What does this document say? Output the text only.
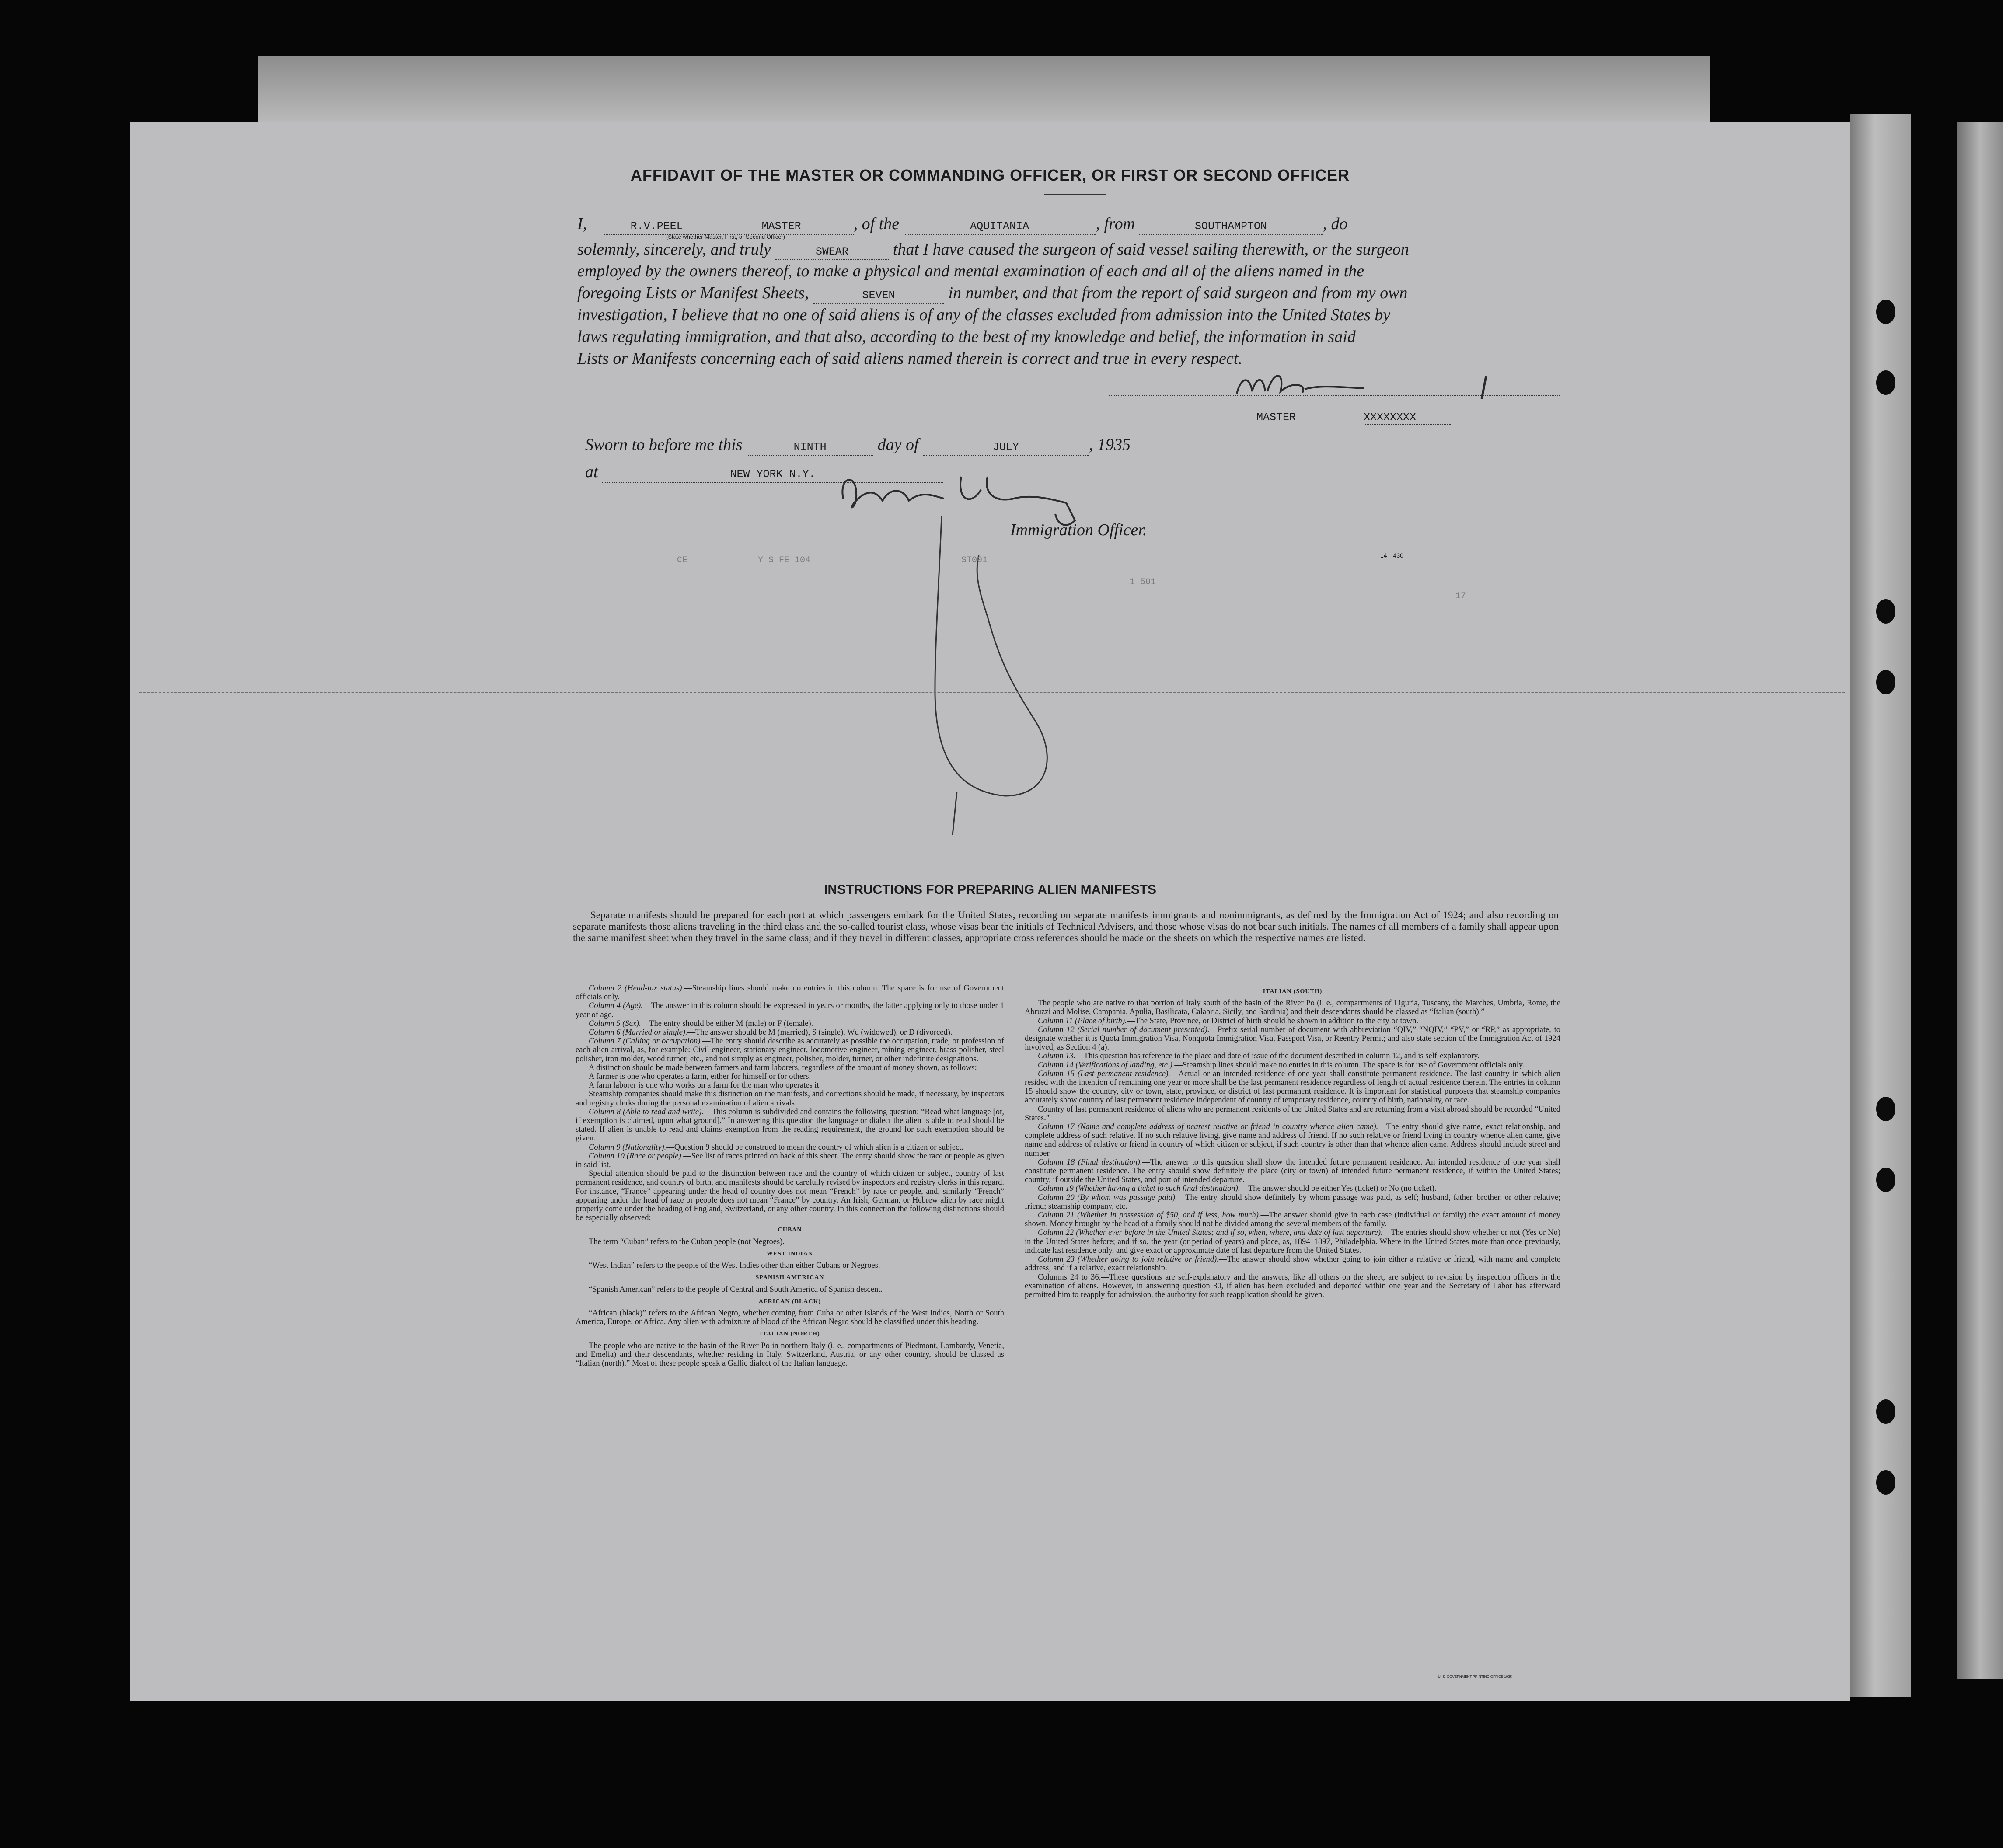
AFFIDAVIT OF THE MASTER OR COMMANDING OFFICER, OR FIRST OR SECOND OFFICER
I,	R.V.PEEL	MASTER	, of the	AQUITANIA	, from	SOUTHAMPTON	, do
(State whether Master, First, or Second Officer)
solemnly, sincerely, and truly	SWEAR	that I have caused the surgeon of said vessel sailing therewith, or the surgeon
employed by the owners thereof, to make a physical and mental examination of each and all of the aliens named in the
foregoing Lists or Manifest Sheets,	SEVEN	in number, and that from the report of said surgeon and from my own
investigation, I believe that no one of said aliens is of any of the classes excluded from admission into the United States by
laws regulating immigration, and that also, according to the best of my knowledge and belief, the information in said
Lists or Manifests concerning each of said aliens named therein is correct and true in every respect.
MASTER	XXXXXXXX
Sworn to before me this	NINTH	day of	JULY	, 1935
at	NEW YORK N.Y.
Immigration Officer.
14—430
CE	Y S FE 104	ST001
1 501
17
INSTRUCTIONS FOR PREPARING ALIEN MANIFESTS
Separate manifests should be prepared for each port at which passengers embark for the United States, recording on separate manifests immigrants and nonimmigrants, as defined by the Immigration Act of 1924; and also recording on separate manifests those aliens traveling in the third class and the so-called tourist class, whose visas bear the initials of Technical Advisers, and those whose visas do not bear such initials. The names of all members of a family shall appear upon the same manifest sheet when they travel in the same class; and if they travel in different classes, appropriate cross references should be made on the sheets on which the respective names are listed.

Column 2 (Head-tax status).—Steamship lines should make no entries in this column. The space is for use of Government officials only.

Column 4 (Age).—The answer in this column should be expressed in years or months, the latter applying only to those under 1 year of age.

Column 5 (Sex).—The entry should be either M (male) or F (female).

Column 6 (Married or single).—The answer should be M (married), S (single), Wd (widowed), or D (divorced).

Column 7 (Calling or occupation).—The entry should describe as accurately as possible the occupation, trade, or profession of each alien arrival, as, for example: Civil engineer, stationary engineer, locomotive engineer, mining engineer, brass polisher, steel polisher, iron molder, wood turner, etc., and not simply as engineer, polisher, molder, turner, or other indefinite designations.

A distinction should be made between farmers and farm laborers, regardless of the amount of money shown, as follows:

A farmer is one who operates a farm, either for himself or for others.

A farm laborer is one who works on a farm for the man who operates it.

Steamship companies should make this distinction on the manifests, and corrections should be made, if necessary, by inspectors and registry clerks during the personal examination of alien arrivals.

Column 8 (Able to read and write).—This column is subdivided and contains the following question: “Read what language [or, if exemption is claimed, upon what ground].” In answering this question the language or dialect the alien is able to read should be stated. If alien is unable to read and claims exemption from the reading requirement, the ground for such exemption should be given.

Column 9 (Nationality).—Question 9 should be construed to mean the country of which alien is a citizen or subject.

Column 10 (Race or people).—See list of races printed on back of this sheet. The entry should show the race or people as given in said list.

Special attention should be paid to the distinction between race and the country of which citizen or subject, country of last permanent residence, and country of birth, and manifests should be carefully revised by inspectors and registry clerks in this regard. For instance, “France” appearing under the head of country does not mean “French” by race or people, and, similarly “French” appearing under the head of race or people does not mean “France” by country. An Irish, German, or Hebrew alien by race might properly come under the heading of England, Switzerland, or any other country. In this connection the following distinctions should be especially observed:

CUBAN

The term “Cuban” refers to the Cuban people (not Negroes).

WEST INDIAN

“West Indian” refers to the people of the West Indies other than either Cubans or Negroes.

SPANISH AMERICAN

“Spanish American” refers to the people of Central and South America of Spanish descent.

AFRICAN (BLACK)

“African (black)” refers to the African Negro, whether coming from Cuba or other islands of the West Indies, North or South America, Europe, or Africa. Any alien with admixture of blood of the African Negro should be classified under this heading.

ITALIAN (NORTH)

The people who are native to the basin of the River Po in northern Italy (i. e., compartments of Piedmont, Lombardy, Venetia, and Emelia) and their descendants, whether residing in Italy, Switzerland, Austria, or any other country, should be classed as “Italian (north).” Most of these people speak a Gallic dialect of the Italian language.

ITALIAN (SOUTH)

The people who are native to that portion of Italy south of the basin of the River Po (i. e., compartments of Liguria, Tuscany, the Marches, Umbria, Rome, the Abruzzi and Molise, Campania, Apulia, Basilicata, Calabria, Sicily, and Sardinia) and their descendants should be classed as “Italian (south).”

Column 11 (Place of birth).—The State, Province, or District of birth should be shown in addition to the city or town.

Column 12 (Serial number of document presented).—Prefix serial number of document with abbreviation “QIV,” “NQIV,” “PV,” or “RP,” as appropriate, to designate whether it is Quota Immigration Visa, Nonquota Immigration Visa, Passport Visa, or Reentry Permit; and also state section of the Immigration Act of 1924 involved, as Section 4 (a).

Column 13.—This question has reference to the place and date of issue of the document described in column 12, and is self-explanatory.

Column 14 (Verifications of landing, etc.).—Steamship lines should make no entries in this column. The space is for use of Government officials only.

Column 15 (Last permanent residence).—Actual or an intended residence of one year shall constitute permanent residence. The last country in which alien resided with the intention of remaining one year or more shall be the last permanent residence regardless of length of actual residence therein. The entries in column 15 should show the country, city or town, state, province, or district of last permanent residence. It is important for statistical purposes that steamship companies accurately show country of last permanent residence independent of country of temporary residence, country of birth, nationality, or race.

Country of last permanent residence of aliens who are permanent residents of the United States and are returning from a visit abroad should be recorded “United States.”

Column 17 (Name and complete address of nearest relative or friend in country whence alien came).—The entry should give name, exact relationship, and complete address of such relative. If no such relative living, give name and address of friend. If no such relative or friend living in country whence alien came, give name and address of relative or friend in country of which citizen or subject, if such country is other than that whence alien came. Address should include street and number.

Column 18 (Final destination).—The answer to this question shall show the intended future permanent residence. An intended residence of one year shall constitute permanent residence. The entry should show definitely the place (city or town) of intended future permanent residence, if within the United States; country, if outside the United States, and port of intended departure.

Column 19 (Whether having a ticket to such final destination).—The answer should be either Yes (ticket) or No (no ticket).

Column 20 (By whom was passage paid).—The entry should show definitely by whom passage was paid, as self; husband, father, brother, or other relative; friend; steamship company, etc.

Column 21 (Whether in possession of $50, and if less, how much).—The answer should give in each case (individual or family) the exact amount of money shown. Money brought by the head of a family should not be divided among the several members of the family.

Column 22 (Whether ever before in the United States; and if so, when, where, and date of last departure).—The entries should show whether or not (Yes or No) in the United States before; and if so, the year (or period of years) and place, as, 1894–1897, Philadelphia. Where in the United States more than once previously, indicate last residence only, and give exact or approximate date of last departure from the United States.

Column 23 (Whether going to join relative or friend).—The answer should show whether going to join either a relative or friend, with name and complete address; and if a relative, exact relationship.

Columns 24 to 36.—These questions are self-explanatory and the answers, like all others on the sheet, are subject to revision by inspection officers in the examination of aliens. However, in answering question 30, if alien has been excluded and deported within one year and the Secretary of Labor has afterward permitted him to reapply for admission, the authority for such reapplication should be given.

U. S. GOVERNMENT PRINTING OFFICE 1935
